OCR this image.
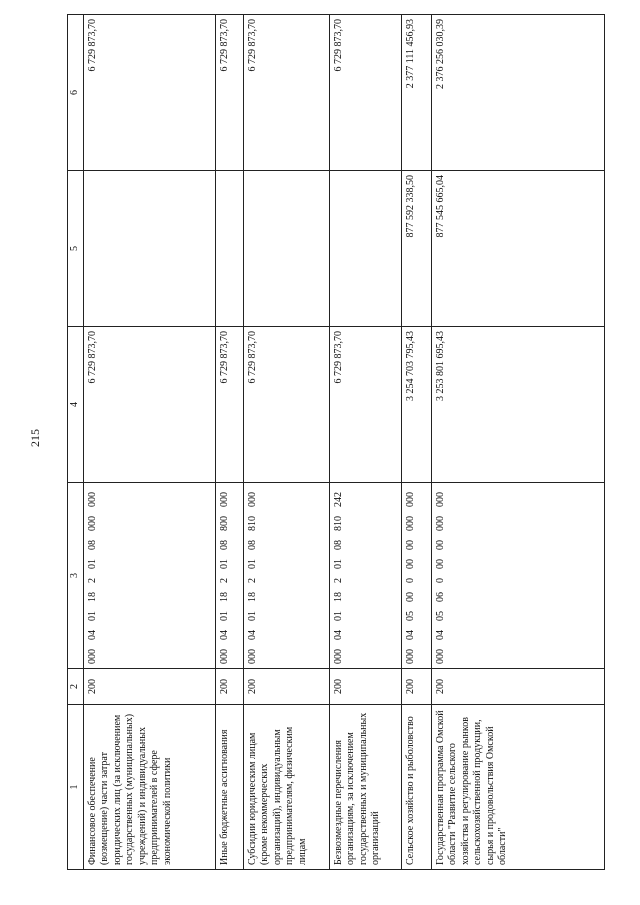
215
1	2	3	4	5	6
Финансовое обеспечение (возмещение) части затрат юридических лиц (за исключением государственных (муниципальных) учреждений) и индивидуальных предпринимателей в сфере экономической политики	200	000  04  01  18  2  01  08  000  000	6 729 873,70		6 729 873,70
Иные бюджетные ассигнования	200	000  04  01  18  2  01  08  800  000	6 729 873,70		6 729 873,70
Субсидии юридическим лицам (кроме некоммерческих организаций), индивидуальным предпринимателям, физическим лицам	200	000  04  01  18  2  01  08  810  000	6 729 873,70		6 729 873,70
Безвозмездные перечисления организациям, за исключением государственных и муниципальных организаций	200	000  04  01  18  2  01  08  810  242	6 729 873,70		6 729 873,70
Сельское хозяйство и рыболовство	200	000  04  05  00  0  00  00  000  000	3 254 703 795,43	877 592 338,50	2 377 111 456,93
Государственная программа Омской области "Развитие сельского хозяйства и регулирование рынков сельскохозяйственной продукции, сырья и продовольствия Омской области"	200	000  04  05  06  0  00  00  000  000	3 253 801 695,43	877 545 665,04	2 376 256 030,39
